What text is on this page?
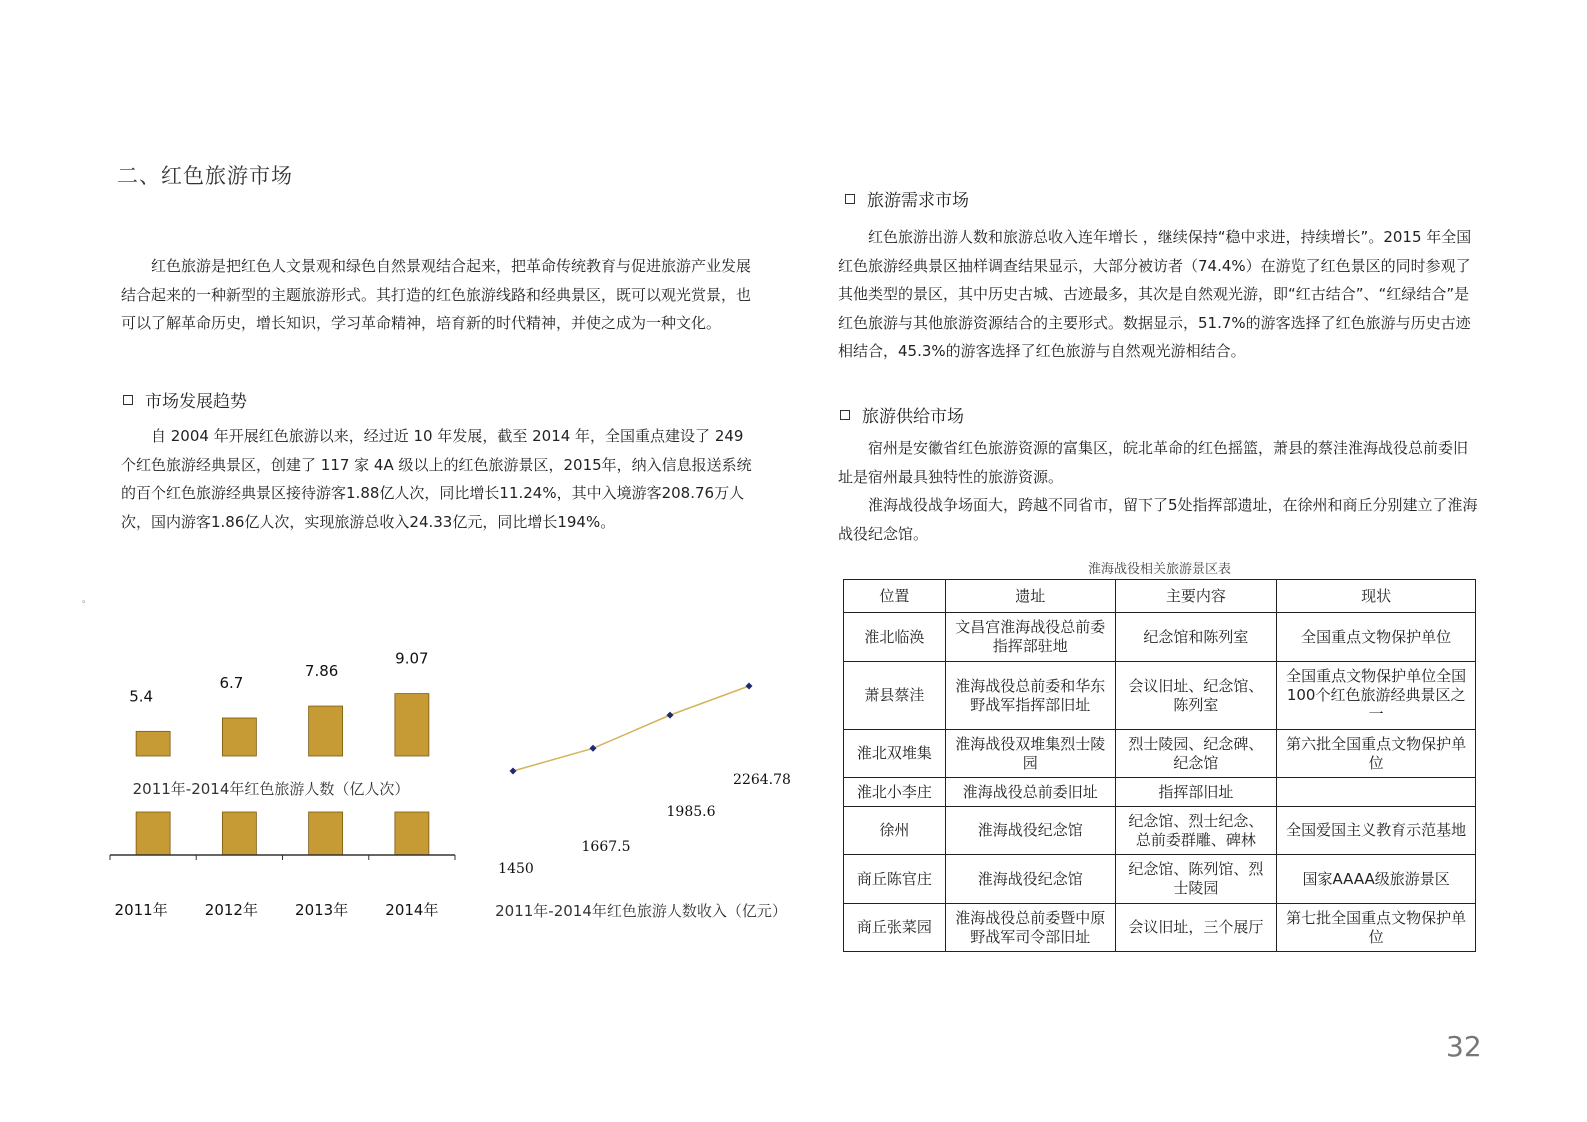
二、红色旅游市场

红色旅游是把红色人文景观和绿色自然景观结合起来，把革命传统教育与促进旅游产业发展结合起来的一种新型的主题旅游形式。其打造的红色旅游线路和经典景区，既可以观光赏景，也可以了解革命历史，增长知识，学习革命精神，培育新的时代精神，并使之成为一种文化。

市场发展趋势

自 2004 年开展红色旅游以来，经过近 10 年发展，截至 2014 年，全国重点建设了 249 个红色旅游经典景区，创建了 117 家 4A 级以上的红色旅游景区，2015年，纳入信息报送系统的百个红色旅游经典景区接待游客1.88亿人次，同比增长11.24%，其中入境游客208.76万人次，国内游客1.86亿人次，实现旅游总收入24.33亿元，同比增长194%。

。
5.4
6.7
7.86
9.07
2011年-2014年红色旅游人数（亿人次）
2011年 2012年 2013年 2014年
1450
1667.5
1985.6
2264.78
2011年-2014年红色旅游人数收入（亿元）
旅游需求市场

红色旅游出游人数和旅游总收入连年增长 ，继续保持“稳中求进，持续增长”。2015 年全国红色旅游经典景区抽样调查结果显示，大部分被访者（74.4%）在游览了红色景区的同时参观了其他类型的景区，其中历史古城、古迹最多，其次是自然观光游，即“红古结合”、“红绿结合”是红色旅游与其他旅游资源结合的主要形式。数据显示，51.7%的游客选择了红色旅游与历史古迹相结合，45.3%的游客选择了红色旅游与自然观光游相结合。

旅游供给市场

宿州是安徽省红色旅游资源的富集区，皖北革命的红色摇篮，萧县的蔡洼淮海战役总前委旧址是宿州最具独特性的旅游资源。

淮海战役战争场面大，跨越不同省市，留下了5处指挥部遗址，在徐州和商丘分别建立了淮海战役纪念馆。

淮海战役相关旅游景区表
位置	遗址	主要内容	现状
淮北临涣	文昌宫淮海战役总前委指挥部驻地	纪念馆和陈列室	全国重点文物保护单位
萧县蔡洼	淮海战役总前委和华东野战军指挥部旧址	会议旧址、纪念馆、陈列室	全国重点文物保护单位全国100个红色旅游经典景区之一
淮北双堆集	淮海战役双堆集烈士陵园	烈士陵园、纪念碑、纪念馆	第六批全国重点文物保护单位
淮北小李庄	淮海战役总前委旧址	指挥部旧址	
徐州	淮海战役纪念馆	纪念馆、烈士纪念、总前委群雕、碑林	全国爱国主义教育示范基地
商丘陈官庄	淮海战役纪念馆	纪念馆、陈列馆、烈士陵园	国家AAAA级旅游景区
商丘张菜园	淮海战役总前委暨中原野战军司令部旧址	会议旧址，三个展厅	第七批全国重点文物保护单位
32
